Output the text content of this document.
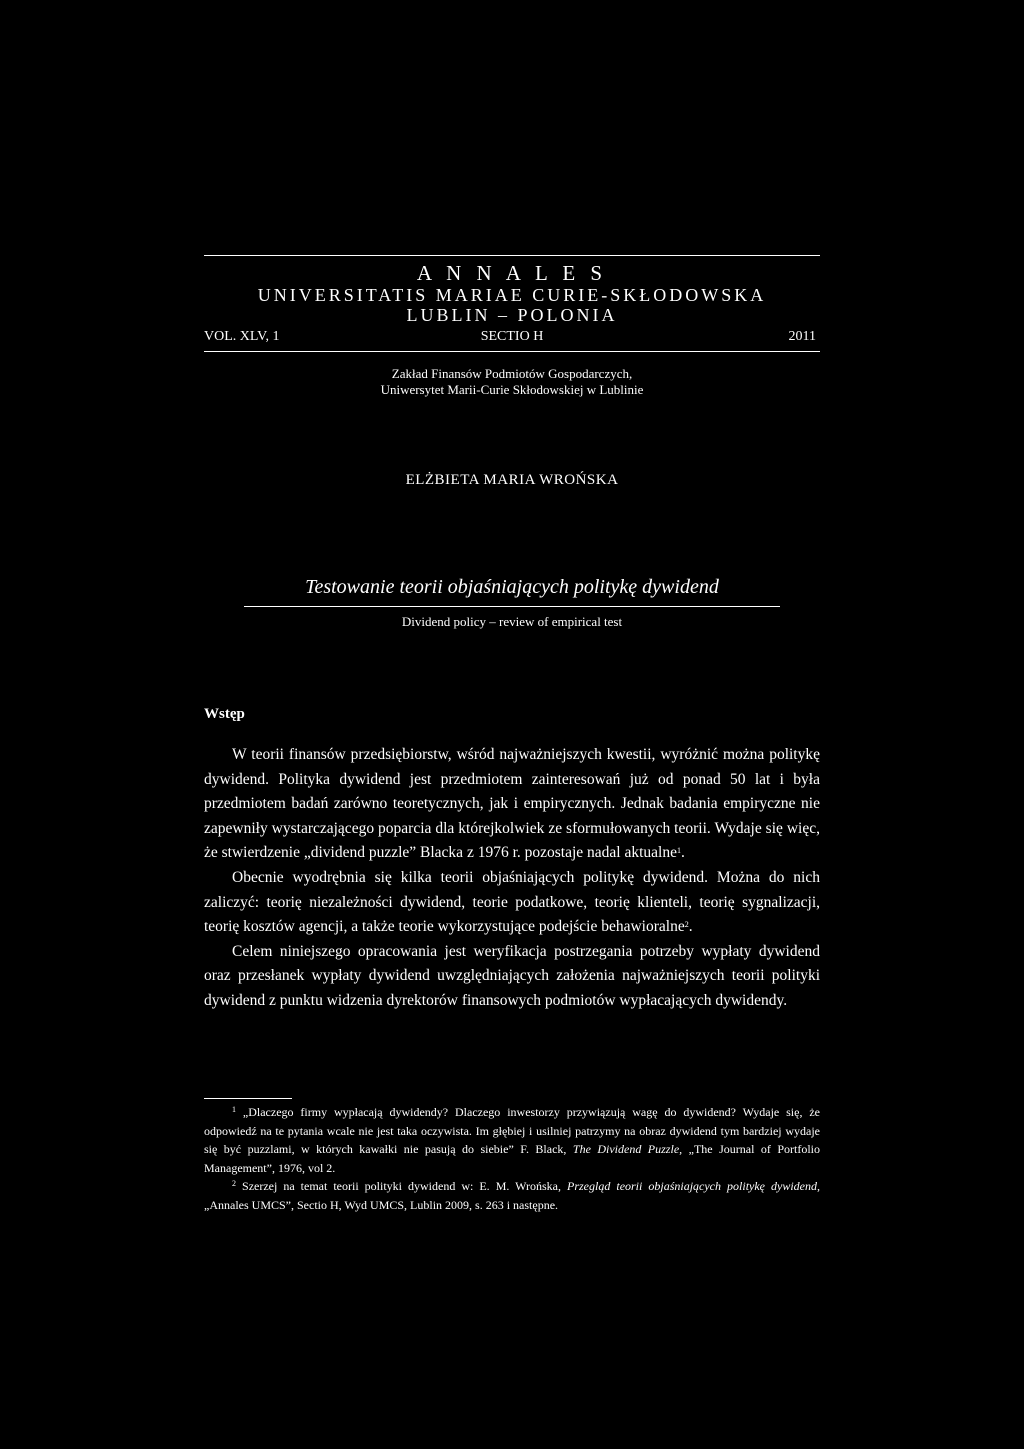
A N N A L E S
UNIVERSITATIS MARIAE CURIE-SKŁODOWSKA
LUBLIN – POLONIA
VOL. XLV, 1	SECTIO H	2011
Zakład Finansów Podmiotów Gospodarczych,
Uniwersytet Marii-Curie Skłodowskiej w Lublinie
ELŻBIETA MARIA WROŃSKA
Testowanie teorii objaśniających politykę dywidend
Dividend policy – review of empirical test
Wstęp

W teorii finansów przedsiębiorstw, wśród najważniejszych kwestii, wyróżnić można politykę dywidend. Polityka dywidend jest przedmiotem zainteresowań już od ponad 50 lat i była przedmiotem badań zarówno teoretycznych, jak i empirycznych. Jednak badania empiryczne nie zapewniły wystarczającego poparcia dla którejkolwiek ze sformułowanych teorii. Wydaje się więc, że stwierdzenie „dividend puzzle” Blacka z 1976 r. pozostaje nadal aktualne$^1$.

Obecnie wyodrębnia się kilka teorii objaśniających politykę dywidend. Można do nich zaliczyć: teorię niezależności dywidend, teorie podatkowe, teorię klienteli, teorię sygnalizacji, teorię kosztów agencji, a także teorie wykorzystujące podejście behawioralne$^2$.

Celem niniejszego opracowania jest weryfikacja postrzegania potrzeby wypłaty dywidend oraz przesłanek wypłaty dywidend uwzględniających założenia najważniejszych teorii polityki dywidend z punktu widzenia dyrektorów finansowych podmiotów wypłacających dywidendy.

$^1$ „Dlaczego firmy wypłacają dywidendy? Dlaczego inwestorzy przywiązują wagę do dywidend? Wydaje się, że odpowiedź na te pytania wcale nie jest taka oczywista. Im głębiej i usilniej patrzymy na obraz dywidend tym bardziej wydaje się być puzzlami, w których kawałki nie pasują do siebie” F. Black, The Dividend Puzzle, „The Journal of Portfolio Management”, 1976, vol 2.

$^2$ Szerzej na temat teorii polityki dywidend w: E. M. Wrońska, Przegląd teorii objaśniających politykę dywidend, „Annales UMCS”, Sectio H, Wyd UMCS, Lublin 2009, s. 263 i następne.
